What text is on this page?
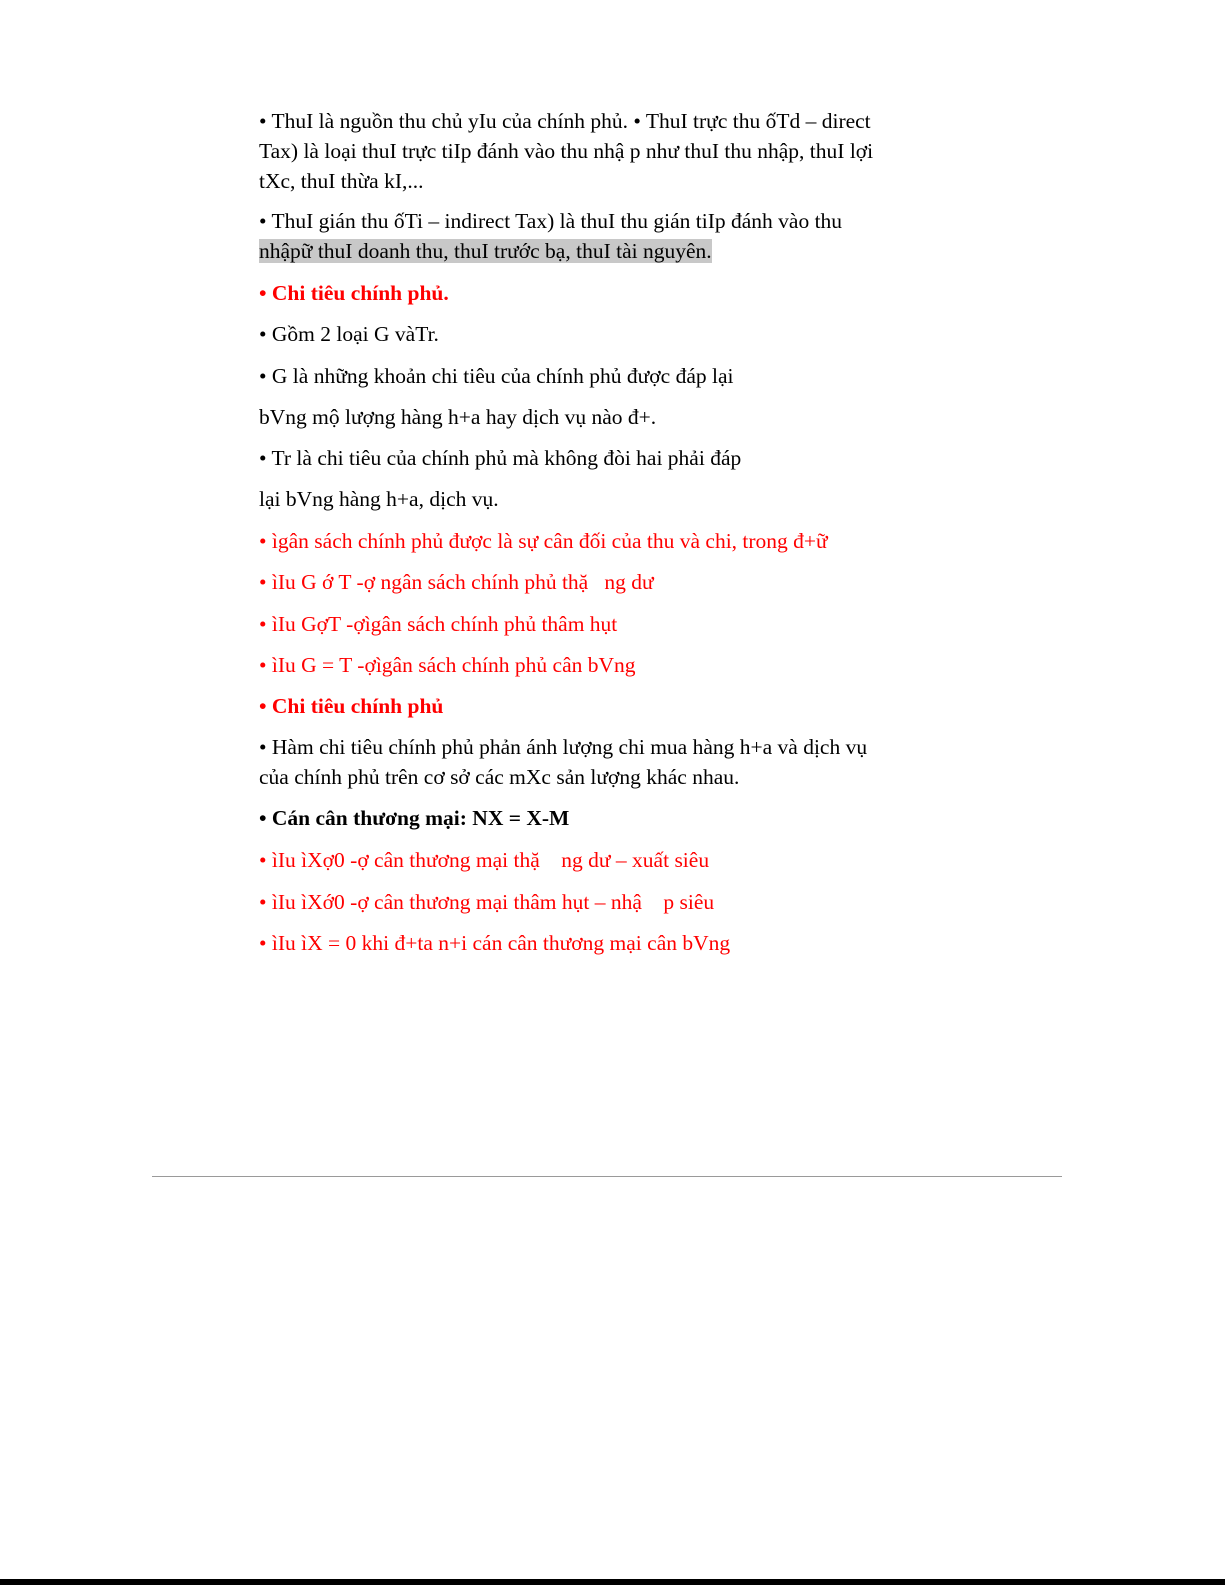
• ThuI là nguồn thu chủ yIu của chính phủ. • ThuI trực thu ốTd – direct

Tax) là loại thuI trực tiIp đánh vào thu nhậ p như thuI thu nhập, thuI lợi

tXc, thuI thừa kI,...

• ThuI gián thu ốTi – indirect Tax) là thuI thu gián tiIp đánh vào thu

nhậpữ thuI doanh thu, thuI trước bạ, thuI tài nguyên.

• Chi tiêu chính phủ.

• Gồm 2 loại G vàTr.

• G là những khoản chi tiêu của chính phủ được đáp lại

bVng mộ lượng hàng h+a hay dịch vụ nào đ+.

• Tr là chi tiêu của chính phủ mà không đòi hai phải đáp

lại bVng hàng h+a, dịch vụ.

• ìgân sách chính phủ được là sự cân đối của thu và chi, trong đ+ữ

• ìIu G ớ T -ợ ngân sách chính phủ thặ   ng dư

• ìIu GợT -ợìgân sách chính phủ thâm hụt

• ìIu G = T -ợìgân sách chính phủ cân bVng

• Chi tiêu chính phủ

• Hàm chi tiêu chính phủ phản ánh lượng chi mua hàng h+a và dịch vụ

của chính phủ trên cơ sở các mXc sản lượng khác nhau.

• Cán cân thương mại: NX = X-M

• ìIu ìXợ0 -ợ cân thương mại thặ    ng dư – xuất siêu

• ìIu ìXớ0 -ợ cân thương mại thâm hụt – nhậ    p siêu

• ìIu ìX = 0 khi đ+ta n+i cán cân thương mại cân bVng
